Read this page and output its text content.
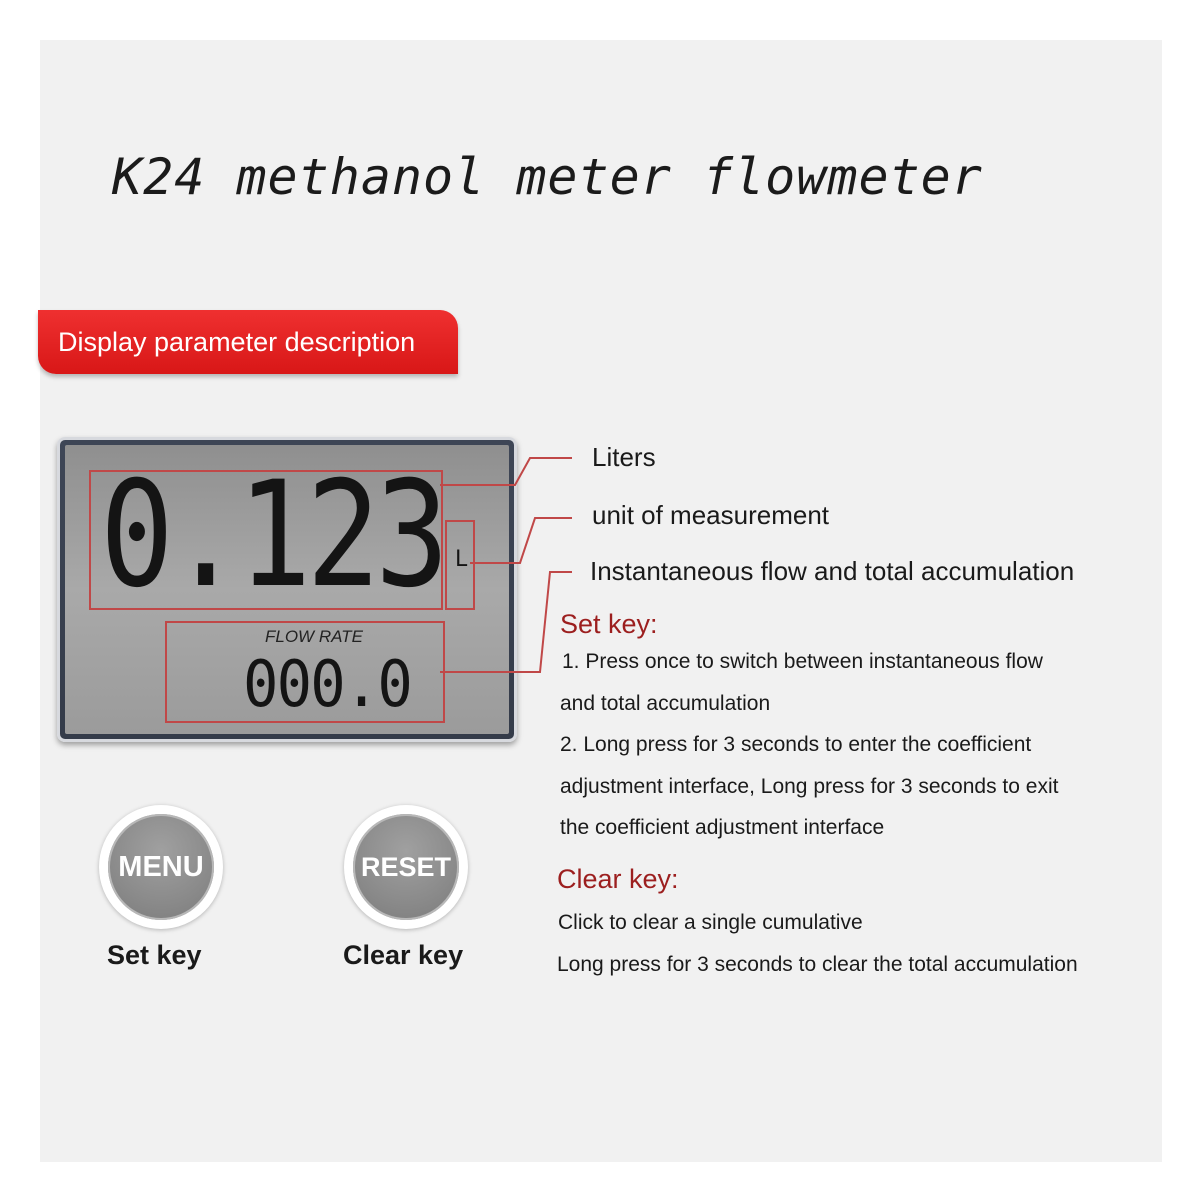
K24 methanol meter flowmeter
Display parameter description
0.123 L
FLOW RATE
000.0
Liters
unit of measurement
Instantaneous flow and total accumulation
Set key:
1. Press once to switch between instantaneous flow
and total accumulation
2. Long press for 3 seconds to enter the coefficient
adjustment interface, Long press for 3 seconds to exit
the coefficient adjustment interface
Clear key:
Click to clear a single cumulative
Long press for 3 seconds to clear the total accumulation
MENU
Set key
RESET
Clear key
